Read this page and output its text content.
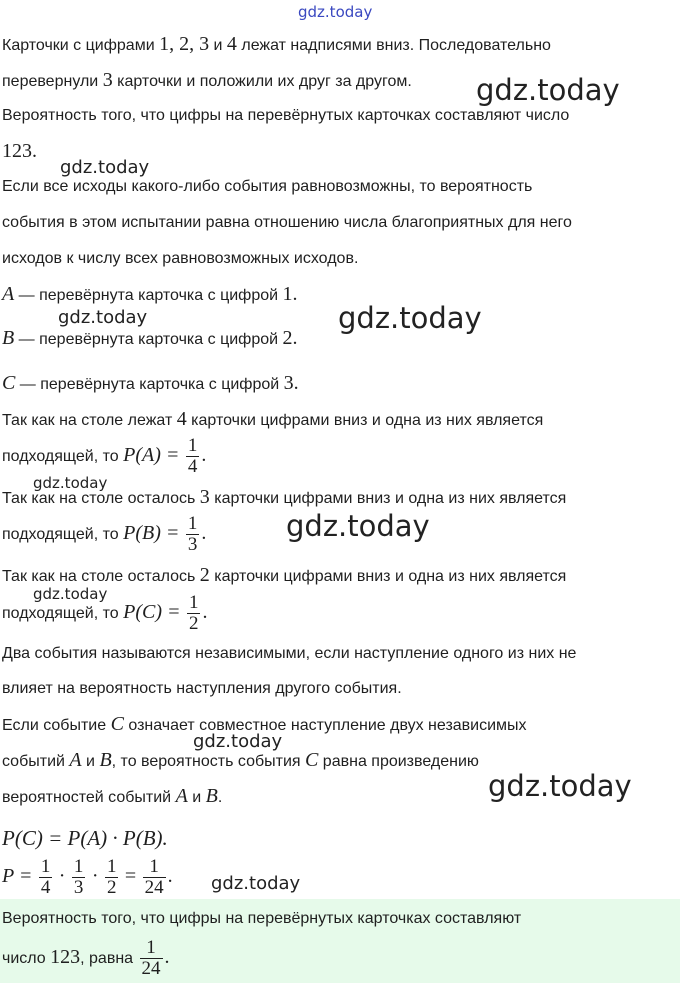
gdz.today
gdz.today
gdz.today
gdz.today	gdz.today
gdz.today
gdz.today
gdz.today
gdz.today
gdz.today
gdz.today
Карточки с цифрами 1, 2, 3 и 4 лежат надписями вниз. Последовательно
перевернули 3 карточки и положили их друг за другом.
Вероятность того, что цифры на перевёрнутых карточках составляют число
123.
Если все исходы какого-либо события равновозможны, то вероятность
события в этом испытании равна отношению числа благоприятных для него
исходов к числу всех равновозможных исходов.
A — перевёрнута карточка с цифрой 1.
B — перевёрнута карточка с цифрой 2.
C — перевёрнута карточка с цифрой 3.
Так как на столе лежат 4 карточки цифрами вниз и одна из них является
подходящей, то $P(A) = \frac{1}{4}$ .
Так как на столе осталось 3 карточки цифрами вниз и одна из них является
подходящей, то $P(B) = \frac{1}{3}$ .
Так как на столе осталось 2 карточки цифрами вниз и одна из них является
подходящей, то $P(C) = \frac{1}{2}$ .
Два события называются независимыми, если наступление одного из них не
влияет на вероятность наступления другого события.
Если событие C означает совместное наступление двух независимых
событий A и B, то вероятность события C равна произведению
вероятностей событий A и B.
P(C) = P(A) · P(B).
$P = \frac{1}{4} \cdot \frac{1}{3} \cdot \frac{1}{2} = \frac{1}{24}$ .
Вероятность того, что цифры на перевёрнутых карточках составляют
число 123, равна $\frac{1}{24}$ .
